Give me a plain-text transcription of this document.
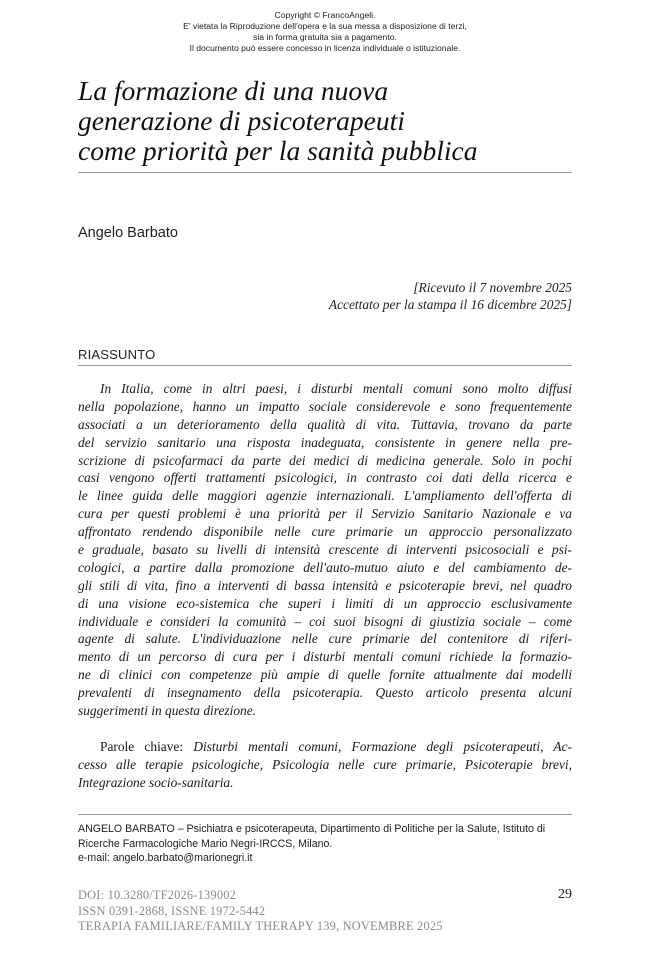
Copyright © FrancoAngeli.
E' vietata la Riproduzione dell'opera e la sua messa a disposizione di terzi,
sia in forma gratuita sia a pagamento.
Il documento può essere concesso in licenza individuale o istituzionale.
La formazione di una nuova
generazione di psicoterapeuti
come priorità per la sanità pubblica
Angelo Barbato
[Ricevuto il 7 novembre 2025
Accettato per la stampa il 16 dicembre 2025]
RIASSUNTO
In Italia, come in altri paesi, i disturbi mentali comuni sono molto diffusi
nella popolazione, hanno un impatto sociale considerevole e sono frequentemente
associati a un deterioramento della qualità di vita. Tuttavia, trovano da parte
del servizio sanitario una risposta inadeguata, consistente in genere nella pre-
scrizione di psicofarmaci da parte dei medici di medicina generale. Solo in pochi
casi vengono offerti trattamenti psicologici, in contrasto coi dati della ricerca e
le linee guida delle maggiori agenzie internazionali. L'ampliamento dell'offerta di
cura per questi problemi è una priorità per il Servizio Sanitario Nazionale e va
affrontato rendendo disponibile nelle cure primarie un approccio personalizzato
e graduale, basato su livelli di intensità crescente di interventi psicosociali e psi-
cologici, a partire dalla promozione dell'auto-mutuo aiuto e del cambiamento de-
gli stili di vita, fino a interventi di bassa intensità e psicoterapie brevi, nel quadro
di una visione eco-sistemica che superi i limiti di un approccio esclusivamente
individuale e consideri la comunità – coi suoi bisogni di giustizia sociale – come
agente di salute. L'individuazione nelle cure primarie del contenitore di riferi-
mento di un percorso di cura per i disturbi mentali comuni richiede la formazio-
ne di clinici con competenze più ampie di quelle fornite attualmente dai modelli
prevalenti di insegnamento della psicoterapia. Questo articolo presenta alcuni
suggerimenti in questa direzione.
Parole chiave: Disturbi mentali comuni, Formazione degli psicoterapeuti, Ac-
cesso alle terapie psicologiche, Psicologia nelle cure primarie, Psicoterapie brevi,
Integrazione socio-sanitaria.
ANGELO BARBATO – Psichiatra e psicoterapeuta, Dipartimento di Politiche per la Salute, Istituto di
Ricerche Farmacologiche Mario Negri-IRCCS, Milano.
e-mail: angelo.barbato@marionegri.it
DOI: 10.3280/TF2026-139002
ISSN 0391-2868, ISSNE 1972-5442
TERAPIA FAMILIARE/FAMILY THERAPY 139, NOVEMBRE 2025
29
